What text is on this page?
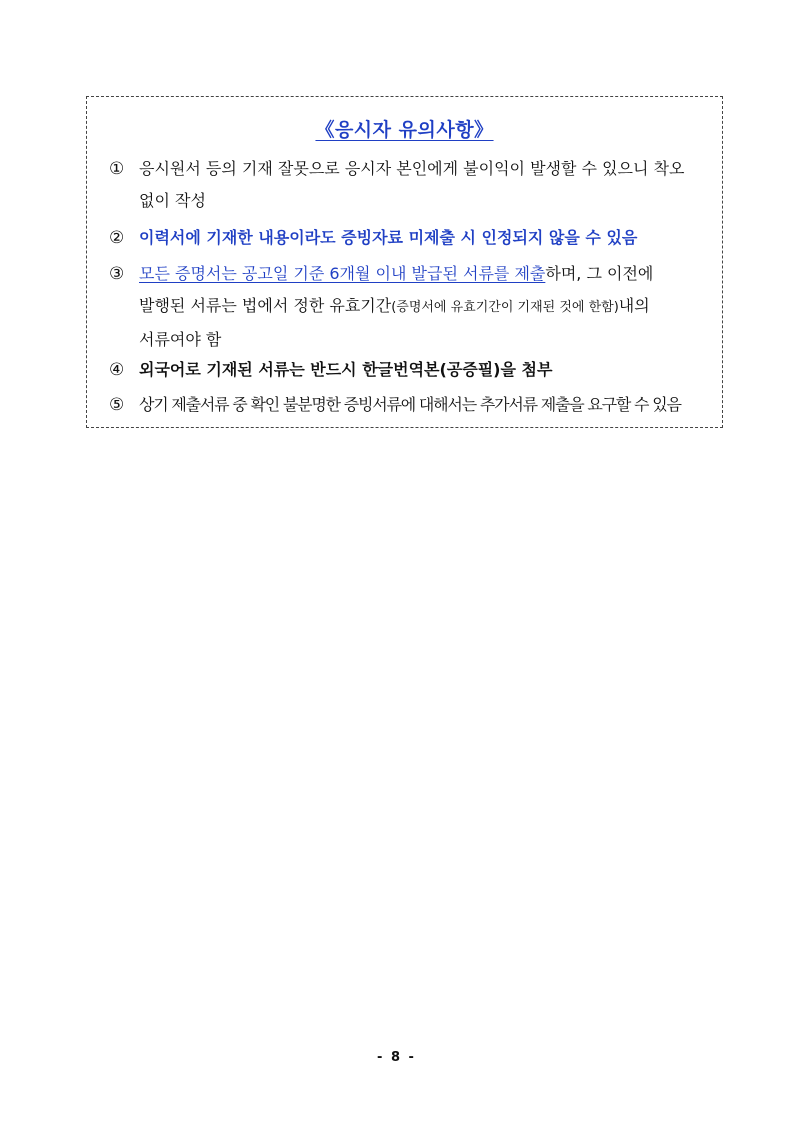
《응시자 유의사항》
① 응시원서 등의 기재 잘못으로 응시자 본인에게 불이익이 발생할 수 있으니 착오
없이 작성
② 이력서에 기재한 내용이라도 증빙자료 미제출 시 인정되지 않을 수 있음
③ 모든 증명서는 공고일 기준 6개월 이내 발급된 서류를 제출하며, 그 이전에
발행된 서류는 법에서 정한 유효기간(증명서에 유효기간이 기재된 것에 한함)내의
서류여야 함
④ 외국어로 기재된 서류는 반드시 한글번역본(공증필)을 첨부
⑤ 상기 제출서류 중 확인 불분명한 증빙서류에 대해서는 추가서류 제출을 요구할 수 있음
- 8 -
